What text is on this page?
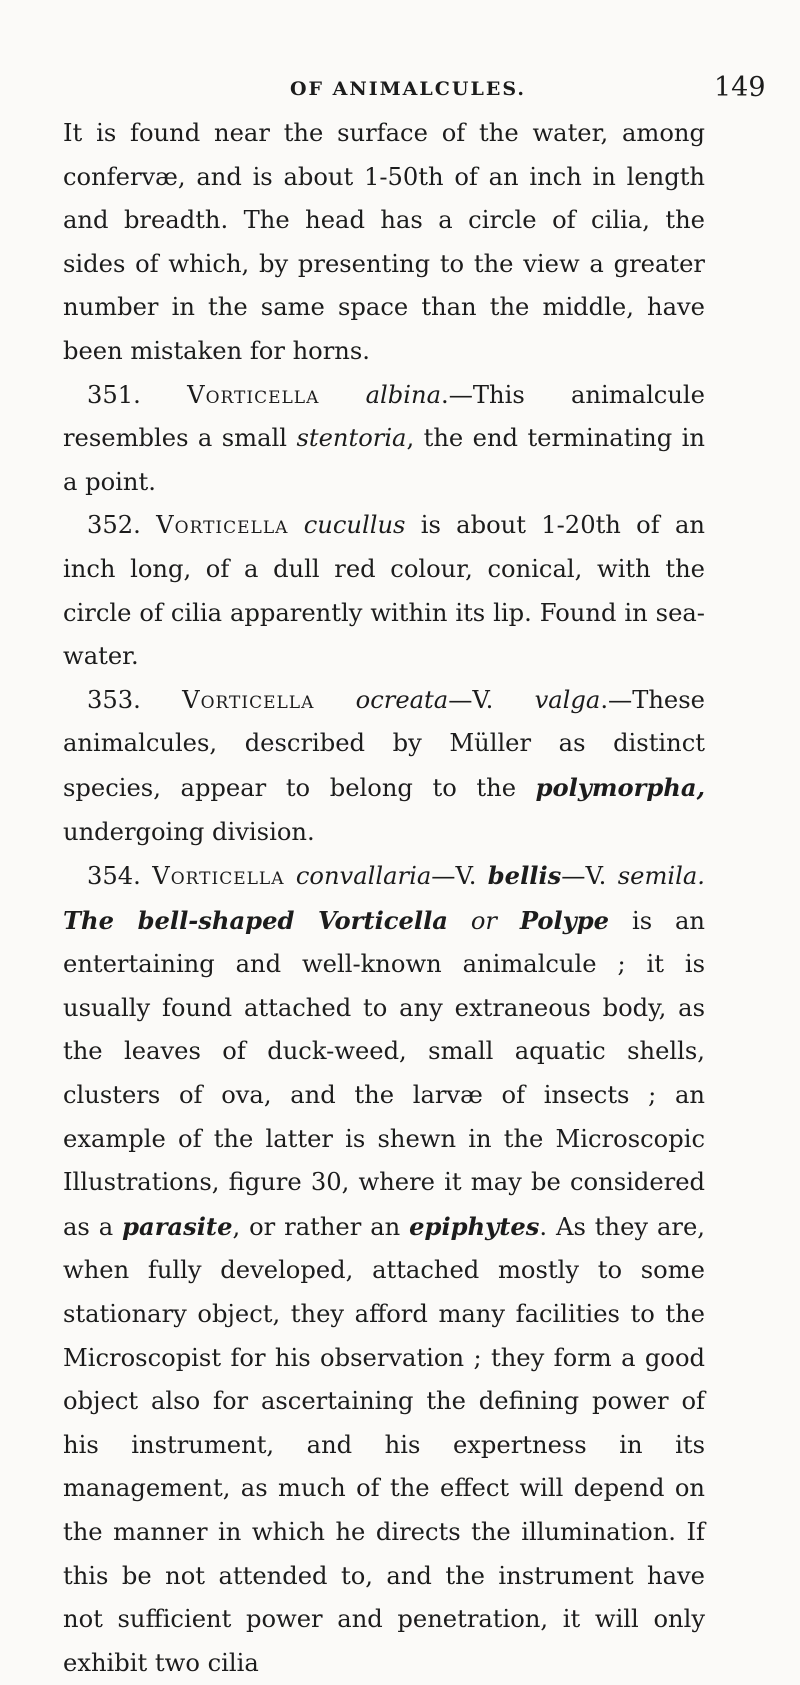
OF ANIMALCULES.	149

It is found near the surface of the water, among confervæ, and is about 1-50th of an inch in length and breadth. The head has a circle of cilia, the sides of which, by presenting to the view a greater number in the same space than the middle, have been mistaken for horns.

351. Vorticella albina.—This animalcule resembles a small stentoria, the end terminating in a point.

352. Vorticella cucullus is about 1-20th of an inch long, of a dull red colour, conical, with the circle of cilia apparently within its lip. Found in sea-water.

353. Vorticella ocreata—V. valga.—These animalcules, described by Müller as distinct species, appear to belong to the polymorpha, undergoing division.

354. Vorticella convallaria—V. bellis—V. semila. The bell-shaped Vorticella or Polype is an entertaining and well-known animalcule ; it is usually found attached to any extraneous body, as the leaves of duck-weed, small aquatic shells, clusters of ova, and the larvæ of insects ; an example of the latter is shewn in the Microscopic Illustrations, figure 30, where it may be considered as a parasite, or rather an epiphytes. As they are, when fully developed, attached mostly to some stationary object, they afford many facilities to the Microscopist for his observation ; they form a good object also for ascertaining the defining power of his instrument, and his expertness in its management, as much of the effect will depend on the manner in which he directs the illumination. If this be not attended to, and the instrument have not sufficient power and penetration, it will only exhibit two cilia
